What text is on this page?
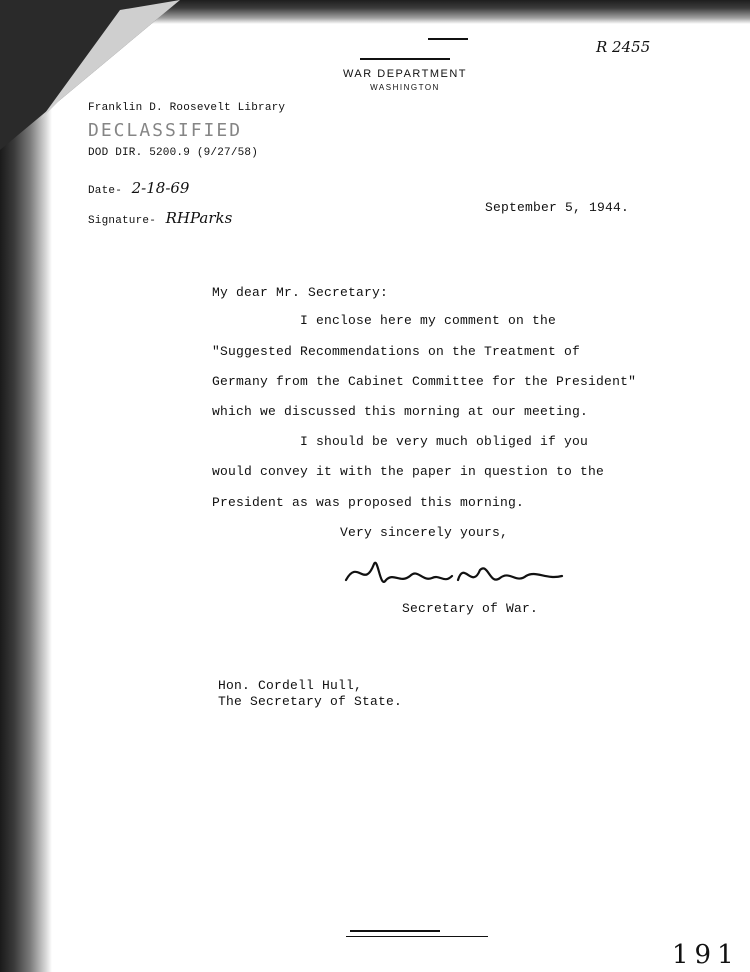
WAR DEPARTMENT
WASHINGTON
R 2455
Franklin D. Roosevelt Library
DECLASSIFIED
DOD DIR. 5200.9 (9/27/58)
Date- 2-18-69
Signature- RHParks
September 5, 1944.
My dear Mr. Secretary:
I enclose here my comment on the
"Suggested Recommendations on the Treatment of
Germany from the Cabinet Committee for the President"
which we discussed this morning at our meeting.
I should be very much obliged if you
would convey it with the paper in question to the
President as was proposed this morning.
Very sincerely yours,
Secretary of War.
Hon. Cordell Hull,
The Secretary of State.
191
